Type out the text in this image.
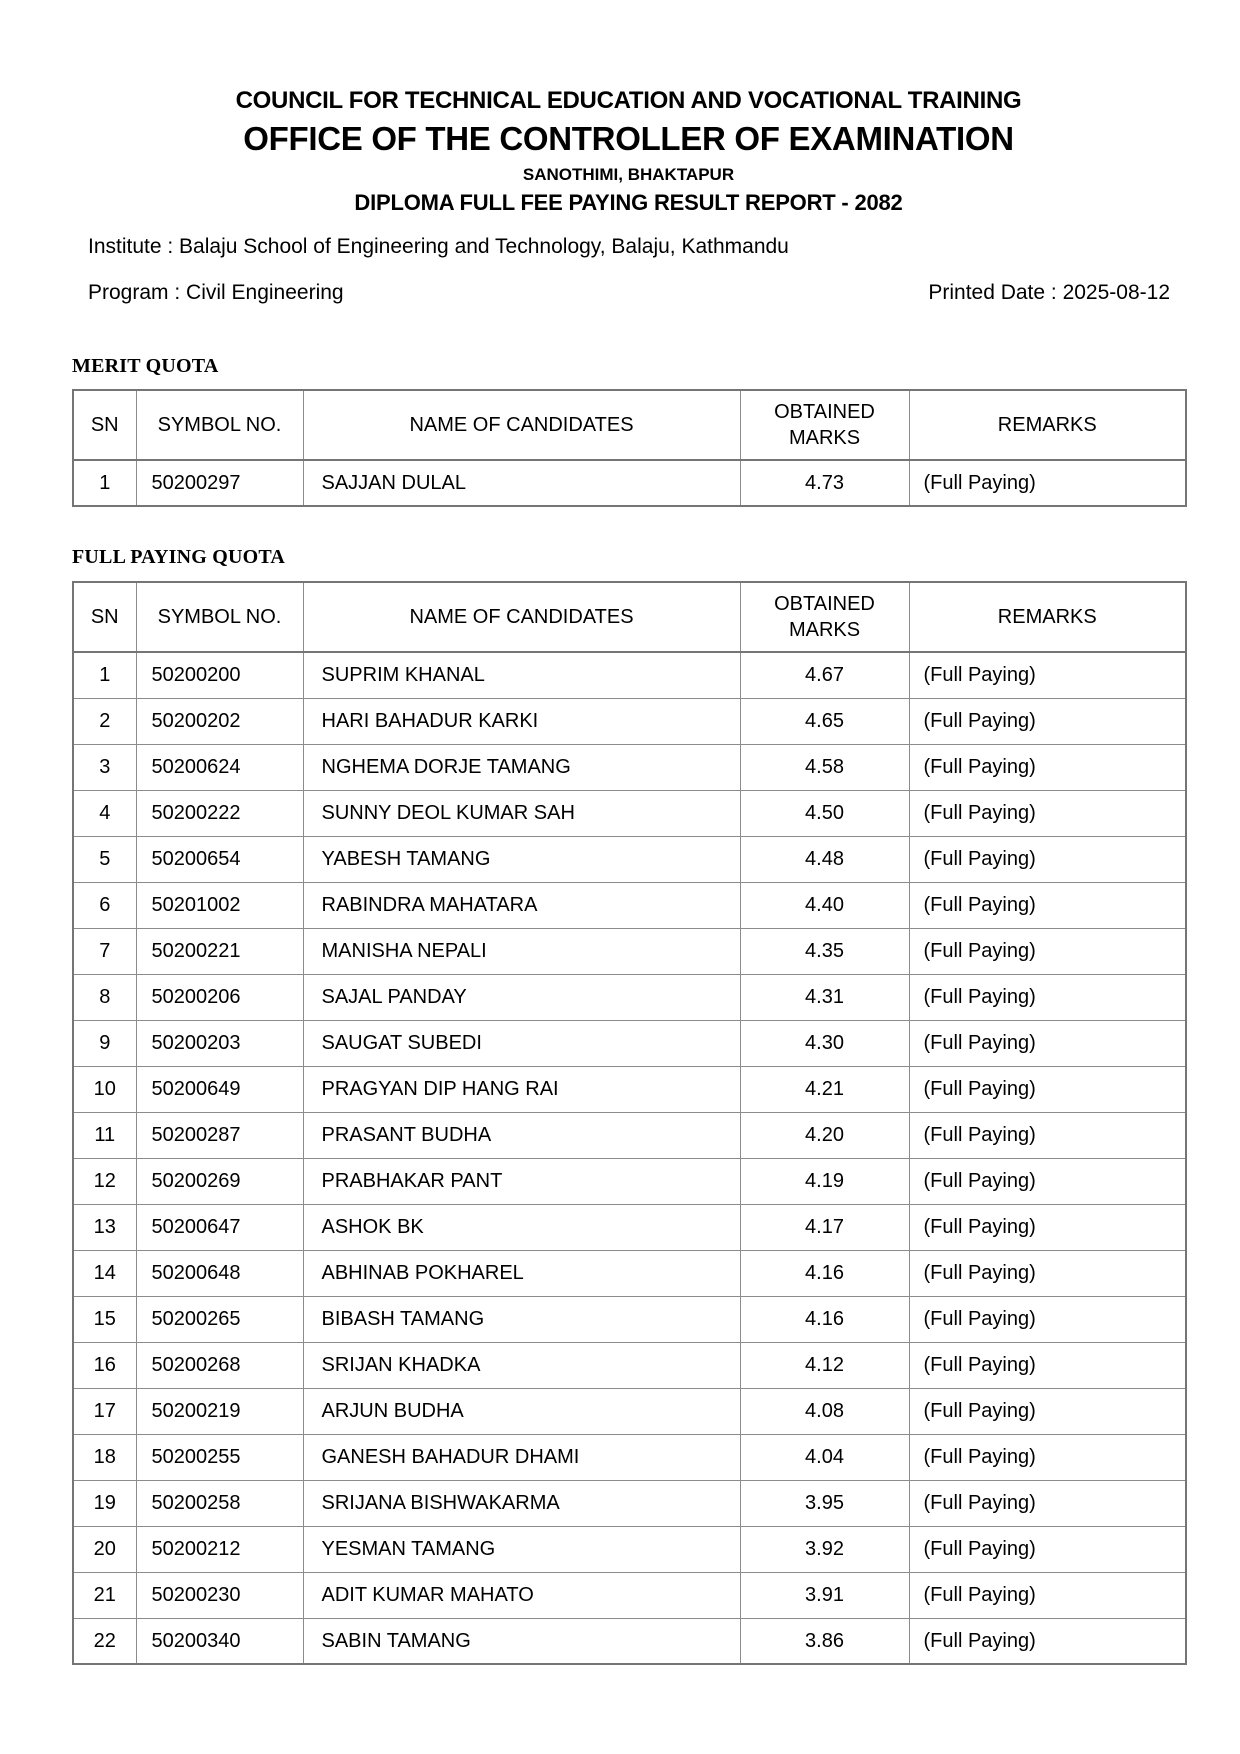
COUNCIL FOR TECHNICAL EDUCATION AND VOCATIONAL TRAINING
OFFICE OF THE CONTROLLER OF EXAMINATION
SANOTHIMI, BHAKTAPUR
DIPLOMA FULL FEE PAYING RESULT REPORT - 2082
Institute : Balaju School of Engineering and Technology, Balaju, Kathmandu
Program : Civil Engineering	Printed Date : 2025-08-12
MERIT QUOTA
SN	SYMBOL NO.	NAME OF CANDIDATES	OBTAINED MARKS	REMARKS
1	50200297	SAJJAN DULAL	4.73	(Full Paying)
FULL PAYING QUOTA
SN	SYMBOL NO.	NAME OF CANDIDATES	OBTAINED MARKS	REMARKS
1	50200200	SUPRIM KHANAL	4.67	(Full Paying)
2	50200202	HARI BAHADUR KARKI	4.65	(Full Paying)
3	50200624	NGHEMA DORJE TAMANG	4.58	(Full Paying)
4	50200222	SUNNY DEOL KUMAR SAH	4.50	(Full Paying)
5	50200654	YABESH TAMANG	4.48	(Full Paying)
6	50201002	RABINDRA MAHATARA	4.40	(Full Paying)
7	50200221	MANISHA NEPALI	4.35	(Full Paying)
8	50200206	SAJAL PANDAY	4.31	(Full Paying)
9	50200203	SAUGAT SUBEDI	4.30	(Full Paying)
10	50200649	PRAGYAN DIP HANG RAI	4.21	(Full Paying)
11	50200287	PRASANT BUDHA	4.20	(Full Paying)
12	50200269	PRABHAKAR PANT	4.19	(Full Paying)
13	50200647	ASHOK BK	4.17	(Full Paying)
14	50200648	ABHINAB POKHAREL	4.16	(Full Paying)
15	50200265	BIBASH TAMANG	4.16	(Full Paying)
16	50200268	SRIJAN KHADKA	4.12	(Full Paying)
17	50200219	ARJUN BUDHA	4.08	(Full Paying)
18	50200255	GANESH BAHADUR DHAMI	4.04	(Full Paying)
19	50200258	SRIJANA BISHWAKARMA	3.95	(Full Paying)
20	50200212	YESMAN TAMANG	3.92	(Full Paying)
21	50200230	ADIT KUMAR MAHATO	3.91	(Full Paying)
22	50200340	SABIN TAMANG	3.86	(Full Paying)
